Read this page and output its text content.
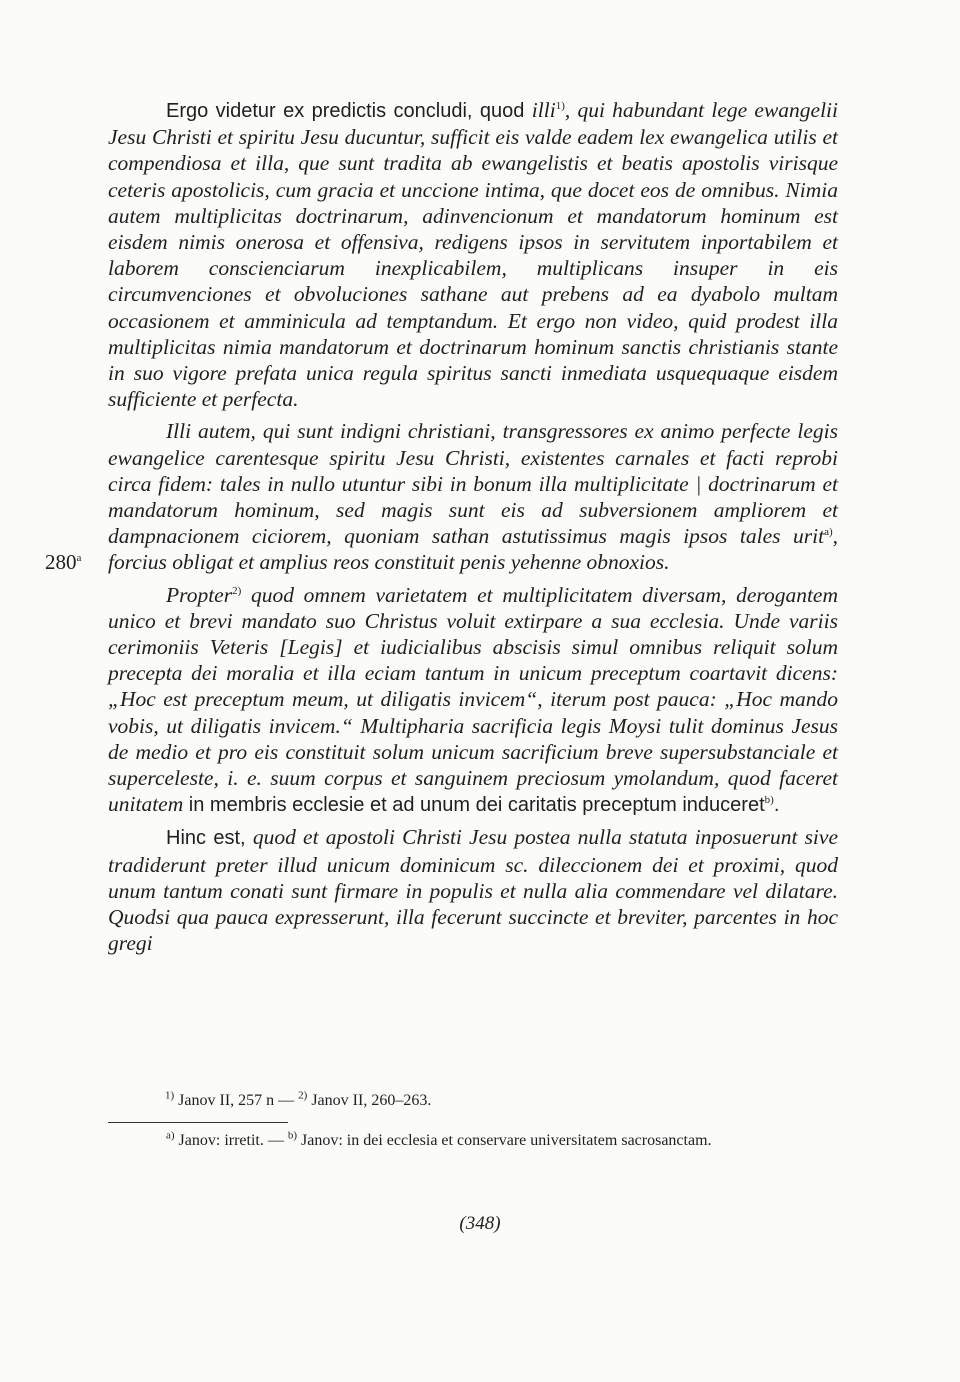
280$^a$

Ergo videtur ex predictis concludi, quod illi$^{1)}$, qui habundant lege ewangelii Jesu Christi et spiritu Jesu ducuntur, sufficit eis valde eadem lex ewangelica utilis et compendiosa et illa, que sunt tradita ab ewangelistis et beatis apostolis virisque ceteris apostolicis, cum gracia et unccione intima, que docet eos de omnibus. Nimia autem multiplicitas doctrinarum, adinvencionum et mandatorum hominum est eisdem nimis onerosa et offensiva, redigens ipsos in servitutem inportabilem et laborem conscienciarum inexplicabilem, multiplicans insuper in eis circumvenciones et obvoluciones sathane aut prebens ad ea dyabolo multam occasionem et amminicula ad temptandum. Et ergo non video, quid prodest illa multiplicitas nimia mandatorum et doctrinarum hominum sanctis christianis stante in suo vigore prefata unica regula spiritus sancti inmediata usquequaque eisdem sufficiente et perfecta.

Illi autem, qui sunt indigni christiani, transgressores ex animo perfecte legis ewangelice carentesque spiritu Jesu Christi, existentes carnales et facti reprobi circa fidem: tales in nullo utuntur sibi in bonum illa multiplicitate | doctrinarum et mandatorum hominum, sed magis sunt eis ad subversionem ampliorem et dampnacionem ciciorem, quoniam sathan astutissimus magis ipsos tales urit$^{a)}$, forcius obligat et amplius reos constituit penis yehenne obnoxios.

Propter$^{2)}$ quod omnem varietatem et multiplicitatem diversam, derogantem unico et brevi mandato suo Christus voluit extirpare a sua ecclesia. Unde variis cerimoniis Veteris [Legis] et iudicialibus abscisis simul omnibus reliquit solum precepta dei moralia et illa eciam tantum in unicum preceptum coartavit dicens: „Hoc est preceptum meum, ut diligatis invicem“, iterum post pauca: „Hoc mando vobis, ut diligatis invicem.“ Multipharia sacrificia legis Moysi tulit dominus Jesus de medio et pro eis constituit solum unicum sacrificium breve supersubstanciale et superceleste, i. e. suum corpus et sanguinem preciosum ymolandum, quod faceret unitatem in membris ecclesie et ad unum dei caritatis preceptum induceret$^{b)}$.

Hinc est, quod et apostoli Christi Jesu postea nulla statuta inposuerunt sive tradiderunt preter illud unicum dominicum sc. dileccionem dei et proximi, quod unum tantum conati sunt firmare in populis et nulla alia commendare vel dilatare. Quodsi qua pauca expresserunt, illa fecerunt succincte et breviter, parcentes in hoc gregi

$^{1)}$ Janov II, 257 n — $^{2)}$ Janov II, 260–263.

$^{a)}$ Janov: irretit. — $^{b)}$ Janov: in dei ecclesia et conservare universitatem sacrosanctam.

(348)
